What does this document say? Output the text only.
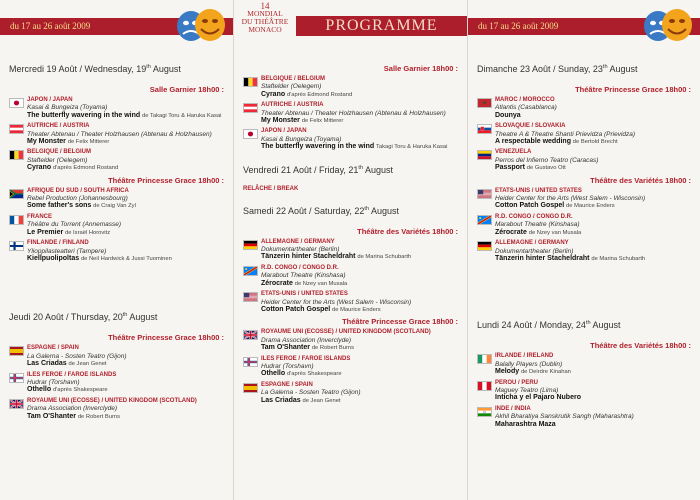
du 17 au 26 août 2009
Mercredi 19 Août / Wednesday, 19th August
Salle Garnier 18h00 :
JAPON / JAPAN
Kasai & Bungeiza (Toyama)
The butterfly wavering in the wind de Takagi Toru & Haruka Kasai
AUTRICHE / AUSTRIA
Theater Abtenau / Theater Holzhausen (Abtenau & Holzhausen)
My Monster de Felix Mitterer
BELGIQUE / BELGIUM
Staftelder (Oelegem)
Cyrano d'après Edmond Rostand
Théâtre Princesse Grace 18h00 :
AFRIQUE DU SUD / SOUTH AFRICA
Rebel Production (Johannesbourg)
Some father's sons de Craig Van Zyl
FRANCE
Théâtre du Torrent (Annemasse)
Le Premier de Israël Horovitz
FINLANDE / FINLAND
Ylioppilasteatteri (Tampere)
Kiellpuolipoltas de Neil Hardwick & Jussi Tuominen
Jeudi 20 Août / Thursday, 20th August
Théâtre Princesse Grace 18h00 :
ESPAGNE / SPAIN
La Galerna - Sosten Teatro (Gijon)
Las Criadas de Jean Genet
ILES FEROE / FAROE ISLANDS
Hudrar (Torshavn)
Othello d'après Shakespeare
ROYAUME UNI (ECOSSE) / UNITED KINGDOM (SCOTLAND)
Drama Association (Inverclyde)
Tam O'Shanter de Robert Burns
14
MONDIAL
DU THÉÂTRE
MONACO	PROGRAMME
Salle Garnier 18h00 :
BELGIQUE / BELGIUM
Staftelder (Oelegem)
Cyrano d'après Edmond Rostand
AUTRICHE / AUSTRIA
Theater Abtenau / Theater Holzhausen (Abtenau & Holzhausen)
My Monster de Felix Mitterer
JAPON / JAPAN
Kasai & Bungeiza (Toyama)
The butterfly wavering in the wind Takagi Toru & Haruka Kasai
Vendredi 21 Août / Friday, 21th August
RELÂCHE / BREAK
Samedi 22 Août / Saturday, 22th August
Théâtre des Variétés 18h00 :
ALLEMAGNE / GERMANY
Dokumentartheater (Berlin)
Tänzerin hinter Stacheldraht de Marina Schubarth
R.D. CONGO / CONGO D.R.
Marabout Theatre (Kinshasa)
Zérocrate de Nzey van Musala
ETATS-UNIS / UNITED STATES
Heider Center for the Arts (West Salem - Wisconsin)
Cotton Patch Gospel de Maurice Enders
Théâtre Princesse Grace 18h00 :
ROYAUME UNI (ECOSSE) / UNITED KINGDOM (SCOTLAND)
Drama Association (Inverclyde)
Tam O'Shanter de Robert Burns
ILES FEROE / FAROE ISLANDS
Hudrar (Torshavn)
Othello d'après Shakespeare
ESPAGNE / SPAIN
La Galerna - Sosten Teatro (Gijon)
Las Criadas de Jean Genet
du 17 au 26 août 2009
Dimanche 23 Août / Sunday, 23th August
Théâtre Princesse Grace 18h00 :
MAROC / MOROCCO
Atlantis (Casablanca)
Dounya
SLOVAQUIE / SLOVAKIA
Theatre A & Theatre Shanti Prievidza (Prievidza)
A respectable wedding de Bertold Brecht
VENEZUELA
Perros del Infierno Teatro (Caracas)
Passport de Gustavo Ott
Théâtre des Variétés 18h00 :
ETATS-UNIS / UNITED STATES
Heider Center for the Arts (West Salem - Wisconsin)
Cotton Patch Gospel de Maurice Enders
R.D. CONGO / CONGO D.R.
Marabout Theatre (Kinshasa)
Zérocrate de Nzey van Musala
ALLEMAGNE / GERMANY
Dokumentartheater (Berlin)
Tänzerin hinter Stacheldraht de Marina Schubarth
Lundi 24 Août / Monday, 24th August
Théâtre des Variétés 18h00 :
IRLANDE / IRELAND
Balally Players (Dublin)
Melody de Deirdre Kinahan
PEROU / PERU
Maguey Teatro (Lima)
Inticha y el Pajaro Nubero
INDE / INDIA
Akhil Bharatiya Sanskrutik Sangh (Maharashtra)
Maharashtra Maza
